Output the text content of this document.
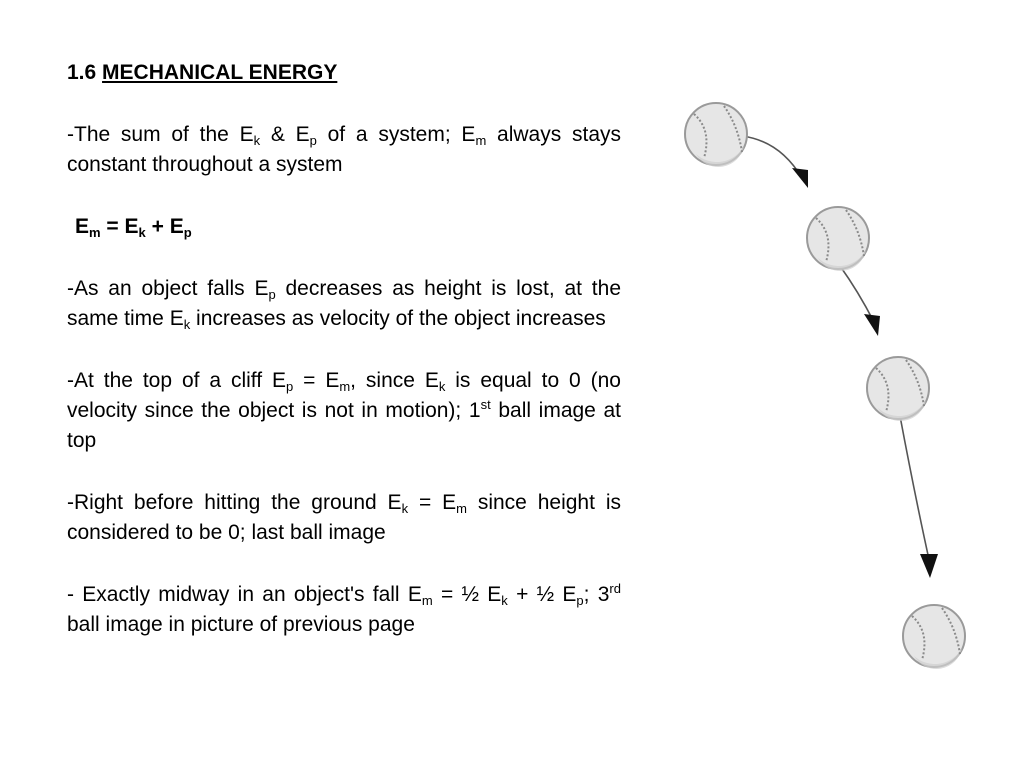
1.6 MECHANICAL ENERGY

-The sum of the $E_k$ & $E_p$ of a system; $E_m$ always stays constant throughout a system

$E_m = E_k + E_p$

-As an object falls $E_p$ decreases as height is lost, at the same time $E_k$ increases as velocity of the object increases

-At the top of a cliff $E_p = E_m$, since $E_k$ is equal to 0 (no velocity since the object is not in motion); 1st ball image at top

-Right before hitting the ground $E_k = E_m$ since height is considered to be 0; last ball image

- Exactly midway in an object's fall $E_m$ = ½ $E_k$ + ½ $E_p$; 3rd ball image in picture of previous page
